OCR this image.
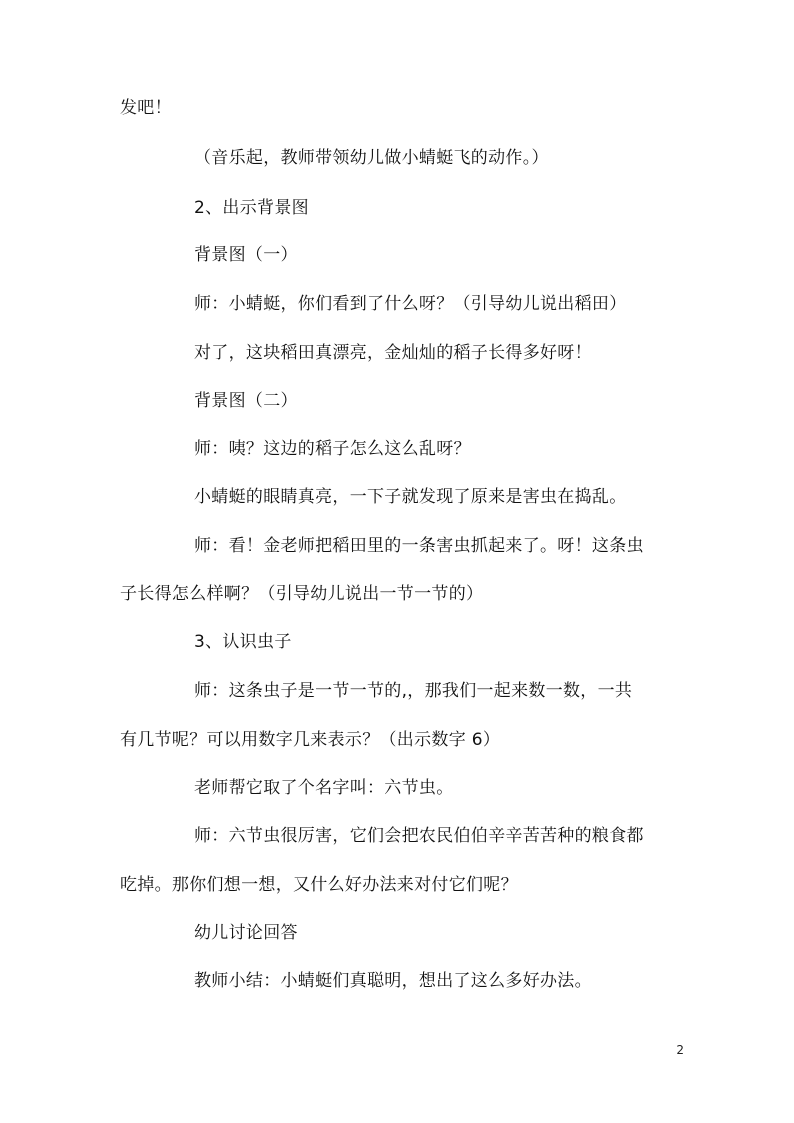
发吧！
（音乐起，教师带领幼儿做小蜻蜓飞的动作。）
2、出示背景图
背景图（一）
师：小蜻蜓，你们看到了什么呀？（引导幼儿说出稻田）
对了，这块稻田真漂亮，金灿灿的稻子长得多好呀！
背景图（二）
师：咦？这边的稻子怎么这么乱呀？
小蜻蜓的眼睛真亮，一下子就发现了原来是害虫在捣乱。
师：看！金老师把稻田里的一条害虫抓起来了。呀！这条虫
子长得怎么样啊？（引导幼儿说出一节一节的）
3、认识虫子
师：这条虫子是一节一节的,，那我们一起来数一数，一共
有几节呢？可以用数字几来表示？（出示数字 6）
老师帮它取了个名字叫：六节虫。
师：六节虫很厉害，它们会把农民伯伯辛辛苦苦种的粮食都
吃掉。那你们想一想，又什么好办法来对付它们呢？
幼儿讨论回答
教师小结：小蜻蜓们真聪明，想出了这么多好办法。
2
